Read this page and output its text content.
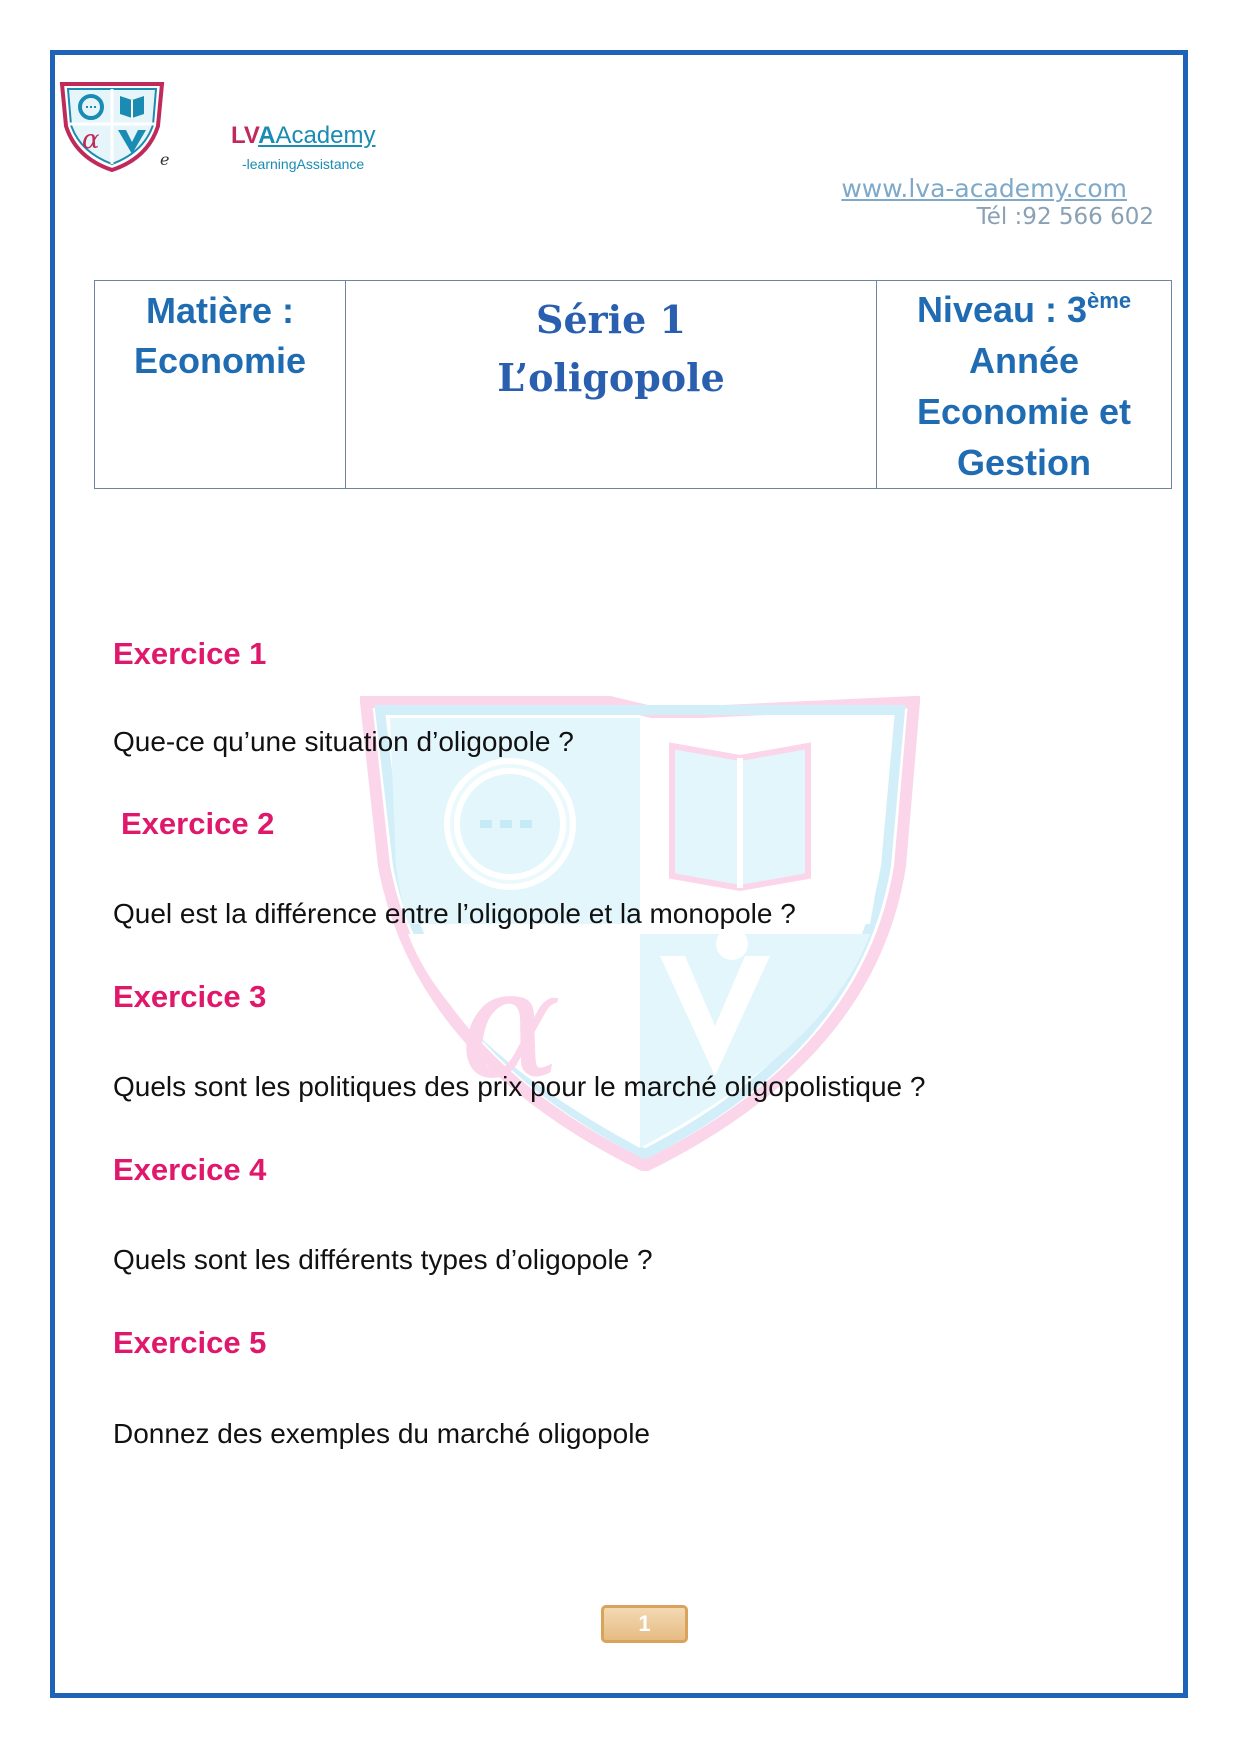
α
e
LVAAcademy
-learningAssistance
www.lva-academy.com
Tél :92 566 602
Matière :
Economie

Série 1
L’oligopole

Niveau : 3ème
Année
Economie et
Gestion
α
Exercice 1
Que-ce qu’une situation d’oligopole ?
Exercice 2
Quel est la différence entre l’oligopole et la monopole ?
Exercice 3
Quels sont les politiques des prix pour le marché oligopolistique ?
Exercice 4
Quels sont les différents types d’oligopole ?
Exercice 5
Donnez des exemples du marché oligopole
1
